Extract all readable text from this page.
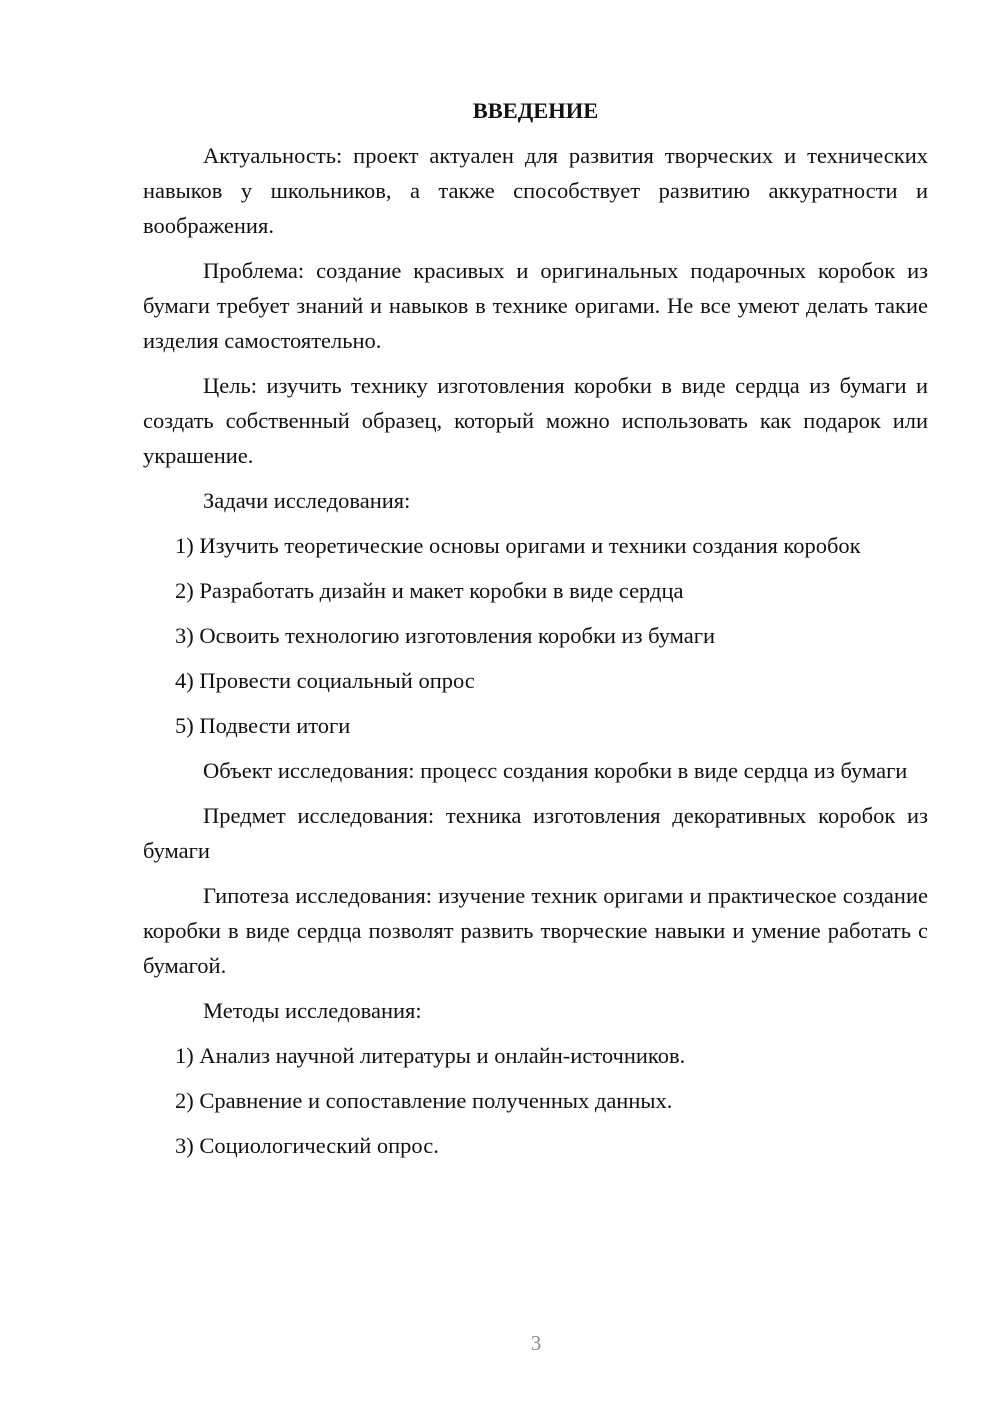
ВВЕДЕНИЕ

Актуальность: проект актуален для развития творческих и технических навыков у школьников, а также способствует развитию аккуратности и воображения.

Проблема: создание красивых и оригинальных подарочных коробок из бумаги требует знаний и навыков в технике оригами. Не все умеют делать такие изделия самостоятельно.

Цель: изучить технику изготовления коробки в виде сердца из бумаги и создать собственный образец, который можно использовать как подарок или украшение.

Задачи исследования:

1) Изучить теоретические основы оригами и техники создания коробок

2) Разработать дизайн и макет коробки в виде сердца

3) Освоить технологию изготовления коробки из бумаги

4) Провести социальный опрос

5) Подвести итоги

Объект исследования: процесс создания коробки в виде сердца из бумаги

Предмет исследования: техника изготовления декоративных коробок из бумаги

Гипотеза исследования: изучение техник оригами и практическое создание коробки в виде сердца позволят развить творческие навыки и умение работать с бумагой.

Методы исследования:

1) Анализ научной литературы и онлайн-источников.

2) Сравнение и сопоставление полученных данных.

3) Социологический опрос.

3
